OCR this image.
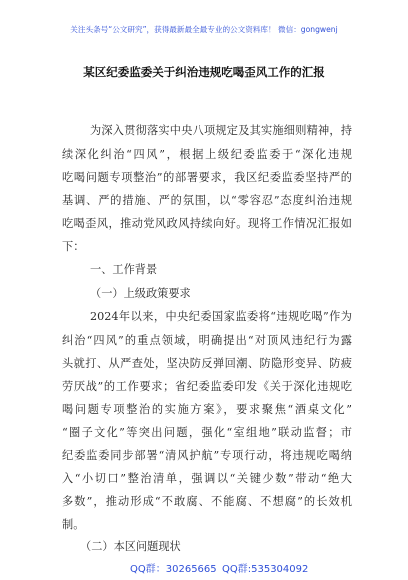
关注头条号“公文研究”，获得最新最全最专业的公文资料库！ 微信：gongwenj
某区纪委监委关于纠治违规吃喝歪风工作的汇报
为深入贯彻落实中央八项规定及其实施细则精神，持
续深化纠治“四风”，根据上级纪委监委于“深化违规
吃喝问题专项整治”的部署要求，我区纪委监委坚持严的
基调、严的措施、严的氛围，以“零容忍”态度纠治违规
吃喝歪风，推动党风政风持续向好。现将工作情况汇报如
下：
一、工作背景
（一）上级政策要求
2024年以来，中央纪委国家监委将“违规吃喝”作为
纠治“四风”的重点领域，明确提出“对顶风违纪行为露
头就打、从严查处，坚决防反弹回潮、防隐形变异、防疲
劳厌战”的工作要求；省纪委监委印发《关于深化违规吃
喝问题专项整治的实施方案》，要求聚焦“酒桌文化”
“圈子文化”等突出问题，强化“室组地”联动监督；市
纪委监委同步部署“清风护航”专项行动，将违规吃喝纳
入“小切口”整治清单，强调以“关键少数”带动“绝大
多数”，推动形成“不敢腐、不能腐、不想腐”的长效机
制。
（二）本区问题现状
QQ群：30265665 QQ群:535304092
